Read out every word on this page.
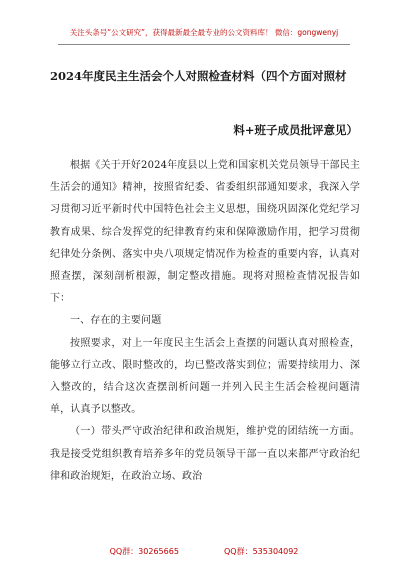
关注头条号“公文研究”，获得最新最全最专业的公文资料库！ 微信：gongwenyj
2024年度民主生活会个人对照检查材料（四个方面对照材
料+班子成员批评意见）

根据《关于开好2024年度县以上党和国家机关党员领导干部民主生活会的通知》精神，按照省纪委、省委组织部通知要求，我深入学习贯彻习近平新时代中国特色社会主义思想，围绕巩固深化党纪学习教育成果、综合发挥党的纪律教育约束和保障激励作用，把学习贯彻纪律处分条例、落实中央八项规定情况作为检查的重要内容，认真对照查摆，深刻剖析根源，制定整改措施。现将对照检查情况报告如下：

一、存在的主要问题

按照要求，对上一年度民主生活会上查摆的问题认真对照检查，能够立行立改、限时整改的，均已整改落实到位；需要持续用力、深入整改的，结合这次查摆剖析问题一并列入民主生活会检视问题清单，认真予以整改。

（一）带头严守政治纪律和政治规矩，维护党的团结统一方面。我是接受党组织教育培养多年的党员领导干部一直以来都严守政治纪律和政治规矩，在政治立场、政治

QQ群：30265665	QQ群：535304092
